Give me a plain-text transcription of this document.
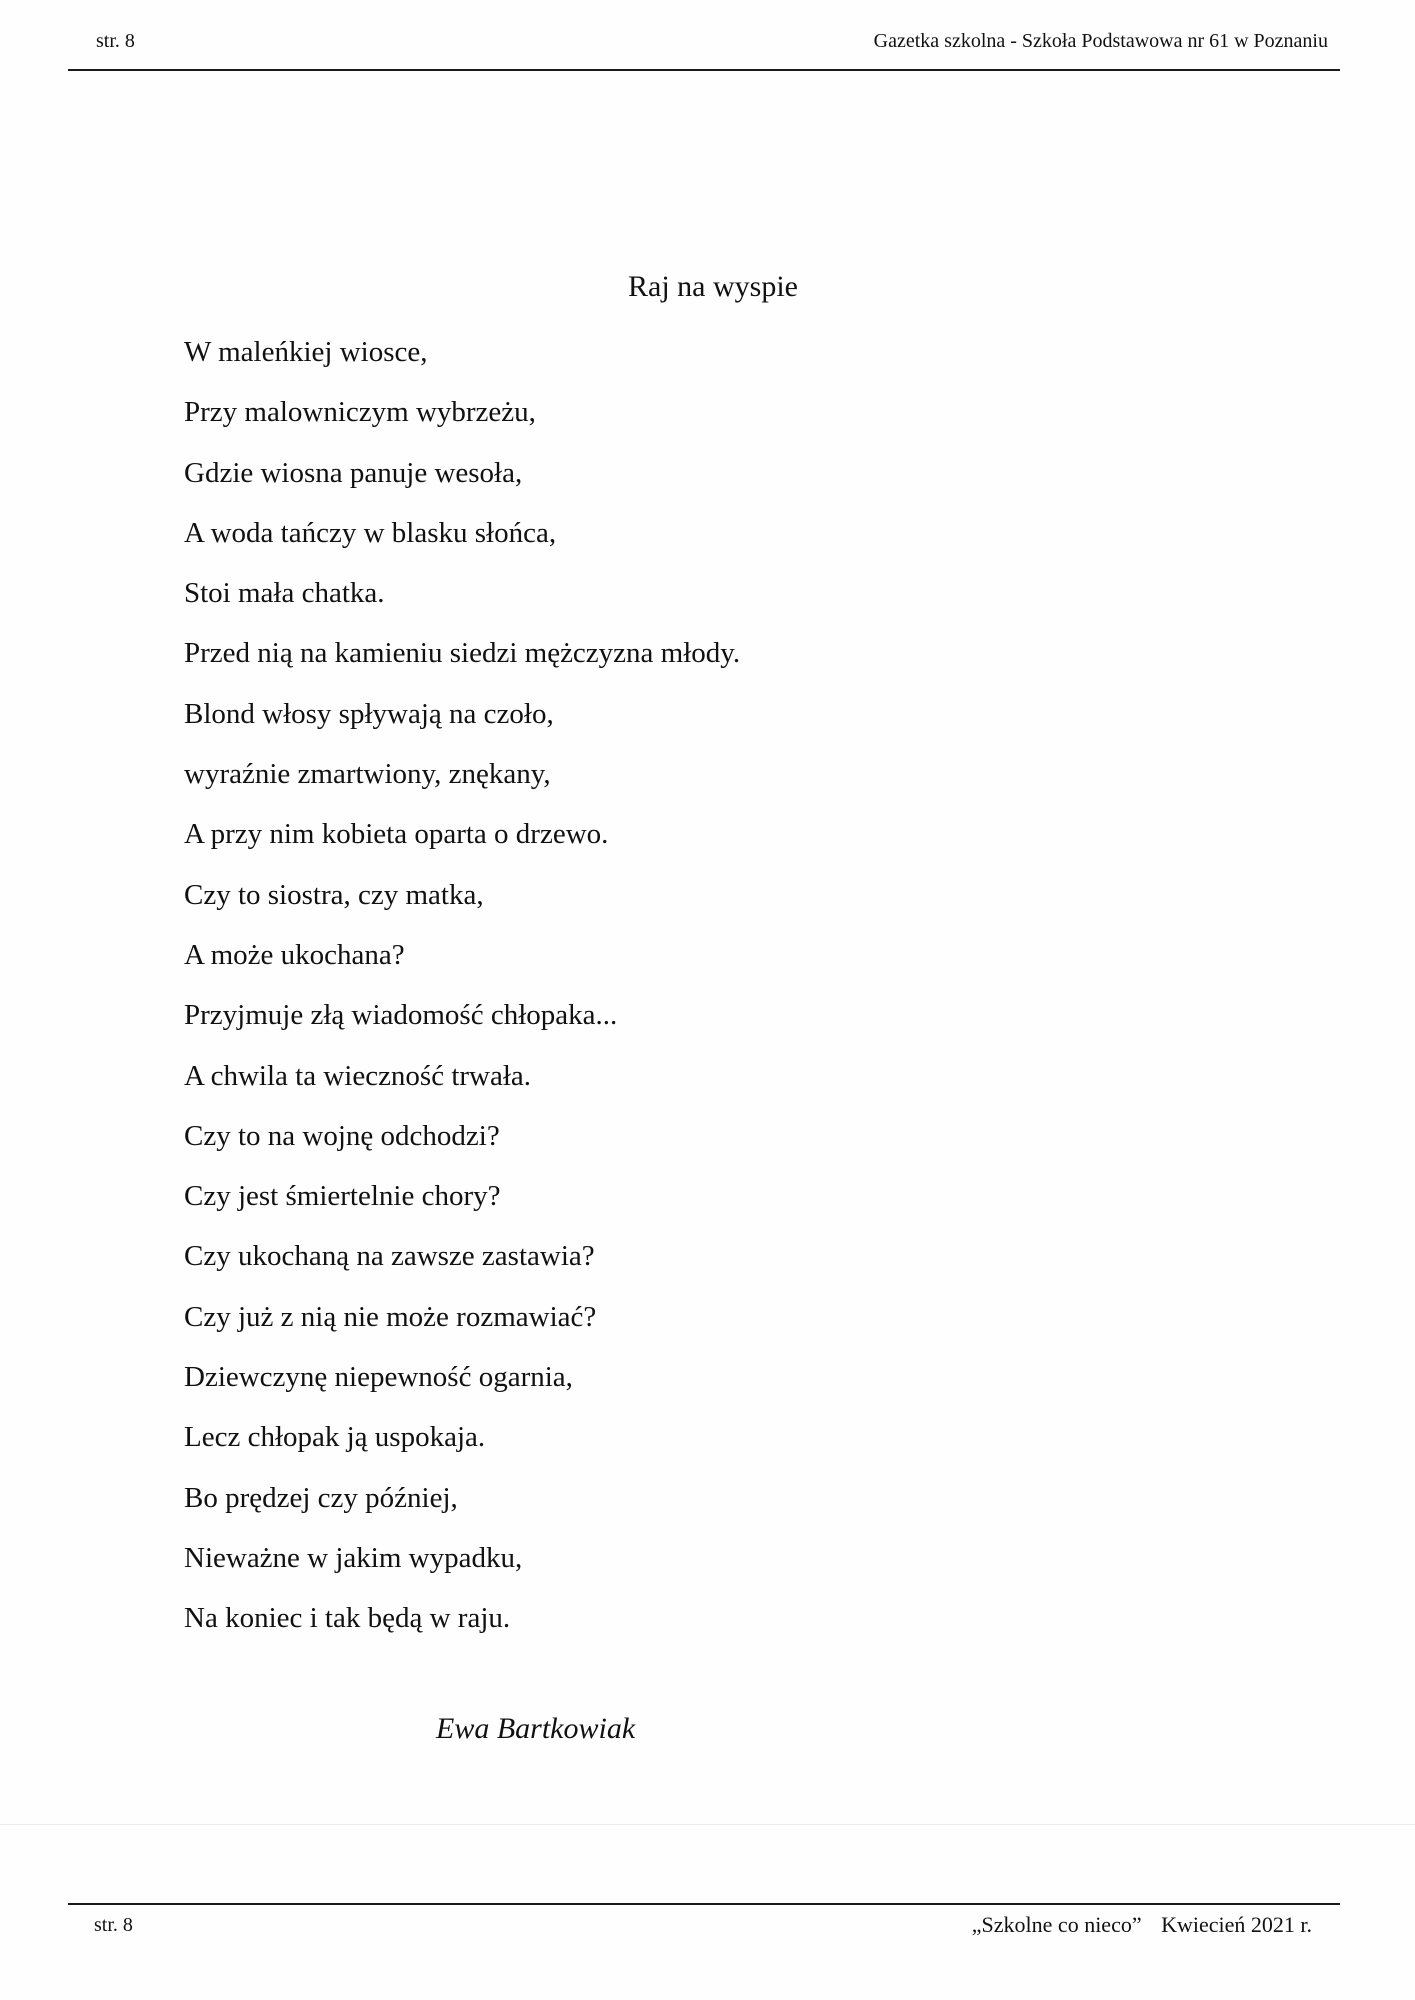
str. 8	Gazetka szkolna - Szkoła Podstawowa nr 61 w Poznaniu
Raj na wyspie
W maleńkiej wiosce,
Przy malowniczym wybrzeżu,
Gdzie wiosna panuje wesoła,
A woda tańczy w blasku słońca,
Stoi mała chatka.
Przed nią na kamieniu siedzi mężczyzna młody.
Blond włosy spływają na czoło,
wyraźnie zmartwiony, znękany,
A przy nim kobieta oparta o drzewo.
Czy to siostra, czy matka,
A może ukochana?
Przyjmuje złą wiadomość chłopaka...
A chwila ta wieczność trwała.
Czy to na wojnę odchodzi?
Czy jest śmiertelnie chory?
Czy ukochaną na zawsze zastawia?
Czy już z nią nie może rozmawiać?
Dziewczynę niepewność ogarnia,
Lecz chłopak ją uspokaja.
Bo prędzej czy później,
Nieważne w jakim wypadku,
Na koniec i tak będą w raju.
Ewa Bartkowiak
str. 8	„Szkolne co nieco” Kwiecień 2021 r.
